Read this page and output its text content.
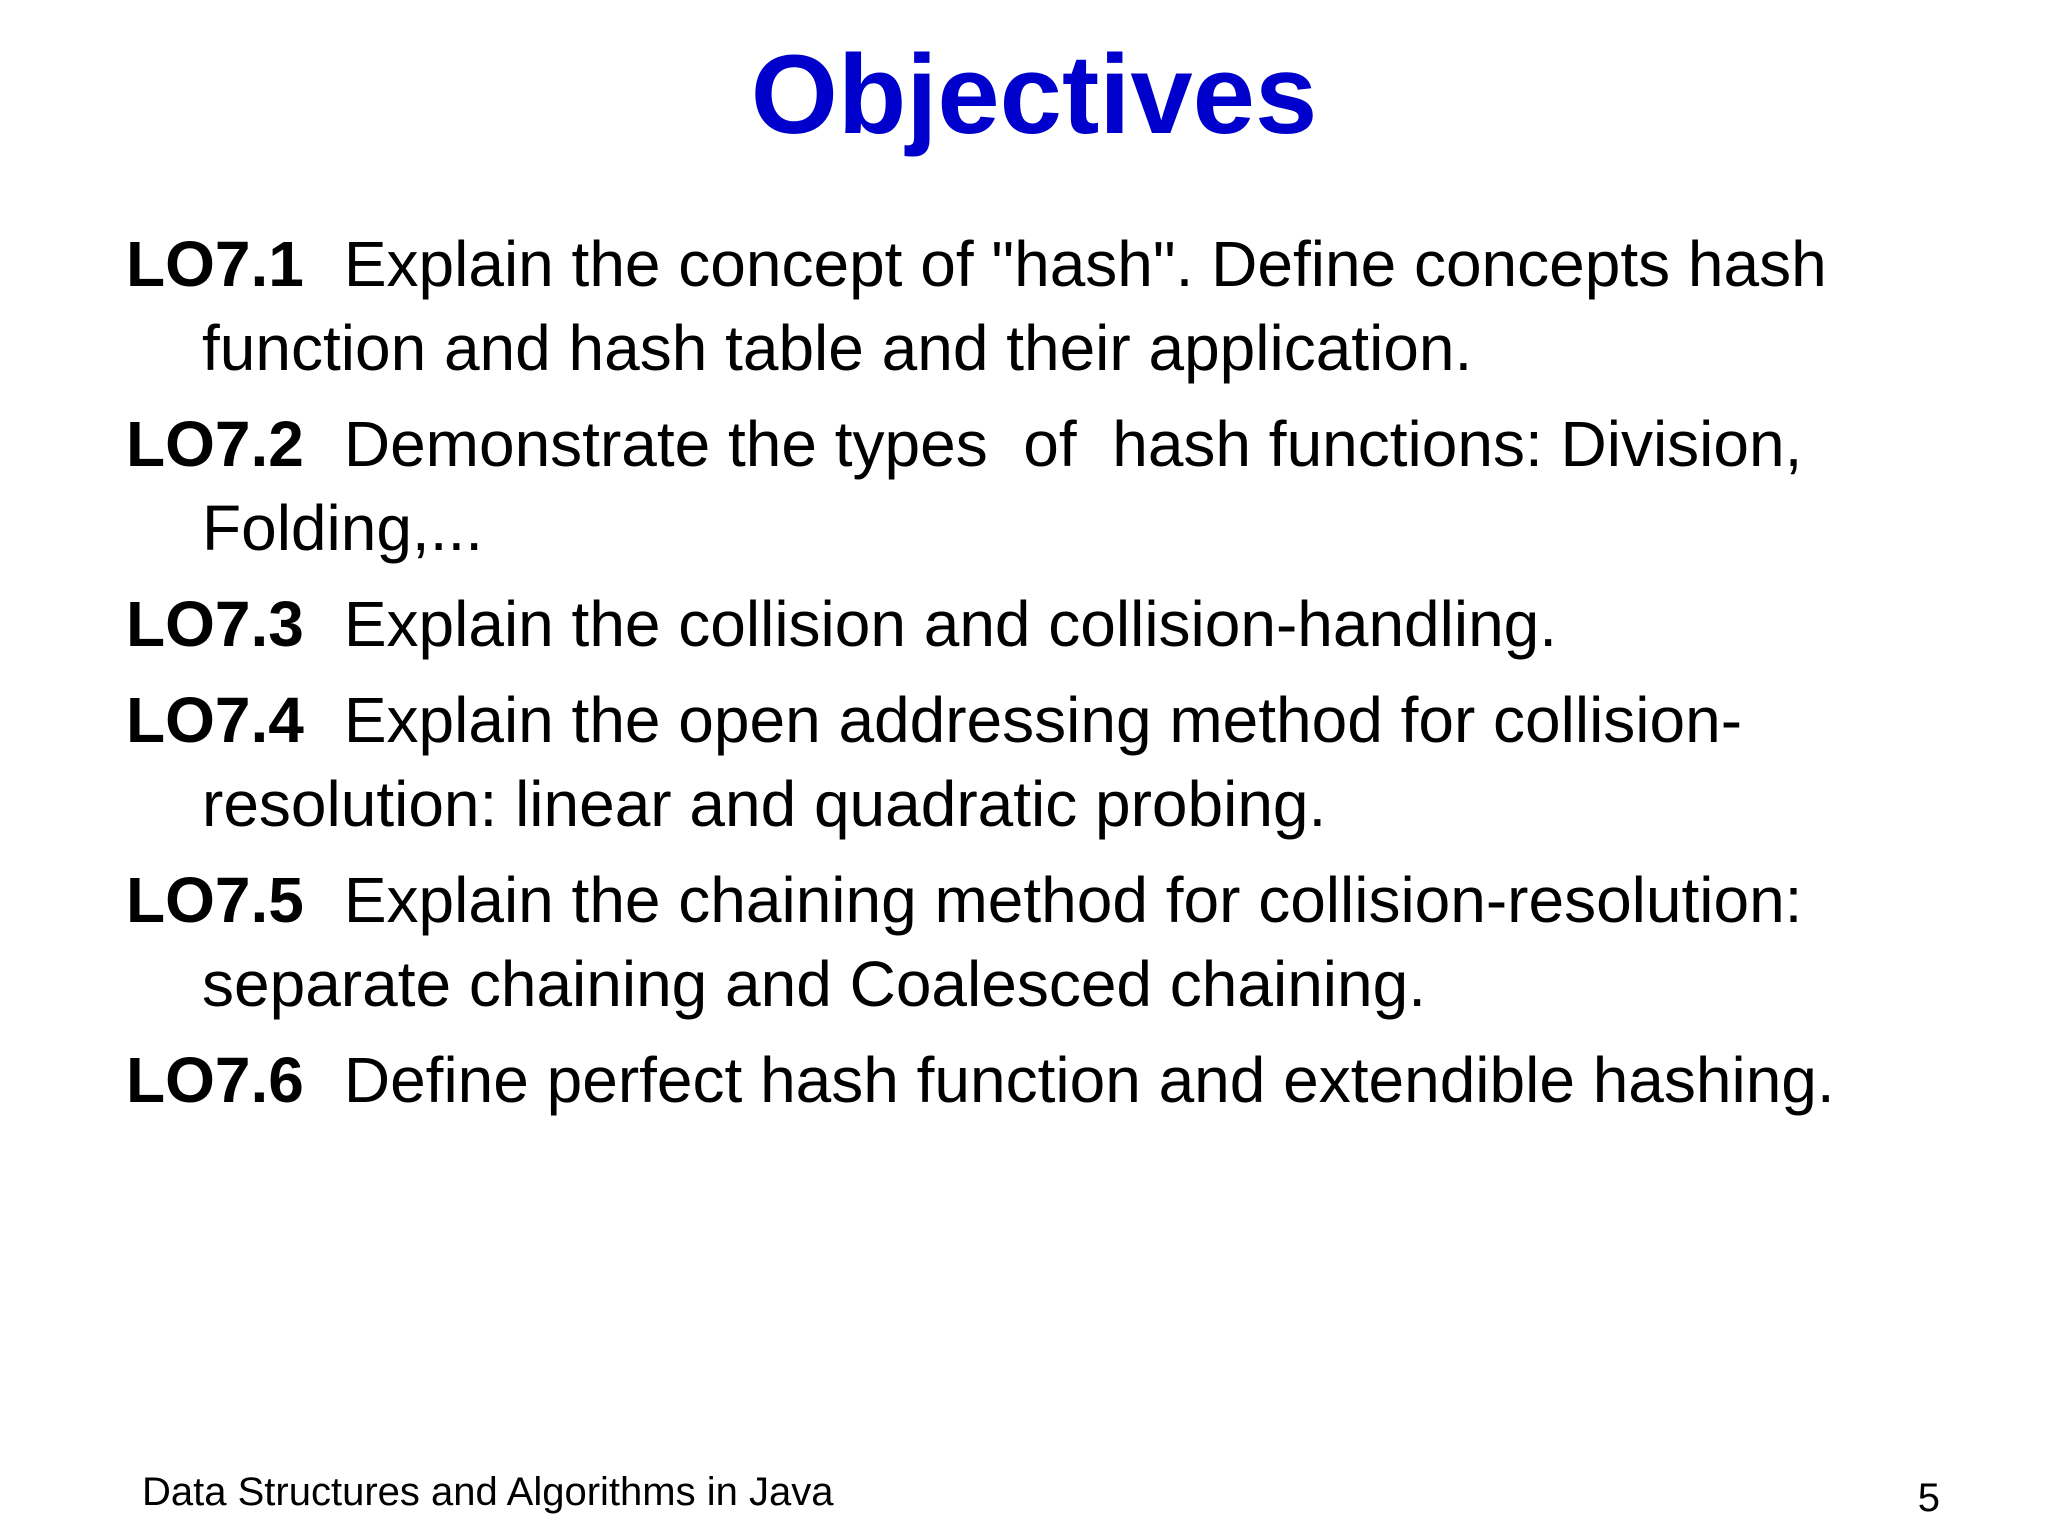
Objectives
LO7.1 Explain the concept of "hash". Define concepts hash function and hash table and their application.
LO7.2 Demonstrate the types  of  hash functions: Division, Folding,...
LO7.3 Explain the collision and collision-handling.
LO7.4 Explain the open addressing method for collision-resolution: linear and quadratic probing.
LO7.5 Explain the chaining method for collision-resolution: separate chaining and Coalesced chaining.
LO7.6 Define perfect hash function and extendible hashing.
Data Structures and Algorithms in Java	5
